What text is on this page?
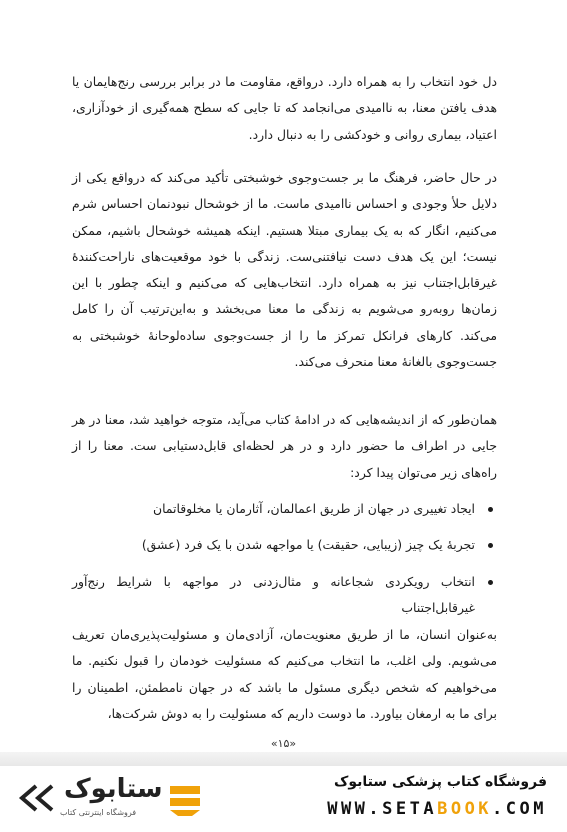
دل خود انتخاب را به همراه دارد. درواقع، مقاومت ما در برابر بررسی رنج‌هایمان یا هدف یافتن معنا، به ناامیدی می‌انجامد که تا جایی که سطح همه‌گیری از خودآزاری، اعتیاد، بیماری روانی و خودکشی را به دنبال دارد.

در حال حاضر، فرهنگ ما بر جست‌وجوی خوشبختی تأکید می‌کند که درواقع یکی از دلایل حلأ وجودی و احساس ناامیدی ماست. ما از خوشحال نبودنمان احساس شرم می‌کنیم، انگار که به یک بیماری مبتلا هستیم. اینکه همیشه خوشحال باشیم، ممکن نیست؛ این یک هدف دست نیافتنی‌ست. زندگی با خود موقعیت‌های ناراحت‌کنندهٔ غیرقابل‌اجتناب نیز به همراه دارد. انتخاب‌هایی که می‌کنیم و اینکه چطور با این زمان‌ها روبه‌رو می‌شویم به زندگی ما معنا می‌بخشد و به‌این‌ترتیب آن را کامل می‌کند. کارهای فرانکل تمرکز ما را از جست‌وجوی ساده‌لوحانهٔ خوشبختی به جست‌وجوی بالغانهٔ معنا منحرف می‌کند.

همان‌طور که از اندیشه‌هایی که در ادامهٔ کتاب می‌آید، متوجه خواهید شد، معنا در هر جایی در اطراف ما حضور دارد و در هر لحظه‌ای قابل‌دستیابی ست. معنا را از راه‌های زیر می‌توان پیدا کرد:

ایجاد تغییری در جهان از طریق اعمالمان، آثارمان یا مخلوقاتمان
تجربهٔ یک چیز (زیبایی، حقیقت) یا مواجهه شدن با یک فرد (عشق)
انتخاب رویکردی شجاعانه و مثال‌زدنی در مواجهه با شرایط رنج‌آور غیرقابل‌اجتناب

به‌عنوان انسان، ما از طریق معنویت‌مان، آزادی‌مان و مسئولیت‌پذیری‌مان تعریف می‌شویم. ولی اغلب، ما انتخاب می‌کنیم که مسئولیت خودمان را قبول نکنیم. ما می‌خواهیم که شخص دیگری مسئول ما باشد که در جهان نامطمئن، اطمینان را برای ما به ارمغان بیاورد. ما دوست داریم که مسئولیت را به دوش شرکت‌ها،

«۱۵»
ستابوک
فروشگاه اینترنتی کتاب
فروشگاه کتاب پزشکی ستابوک
WWW.SETABOOK.COM
